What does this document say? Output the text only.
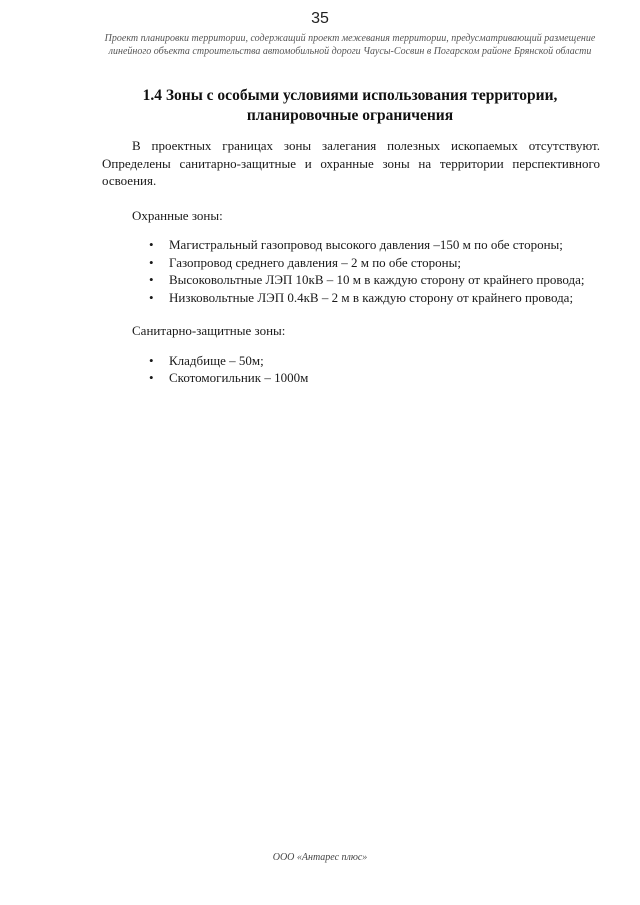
35
Проект планировки территории, содержащий проект межевания территории, предусматривающий размещение линейного объекта строительства автомобильной дороги Чаусы-Сосвин в Погарском районе Брянской области
1.4 Зоны с особыми условиями использования территории, планировочные ограничения

В проектных границах зоны залегания полезных ископаемых отсутствуют. Определены санитарно-защитные и охранные зоны на территории перспективного освоения.

Охранные зоны:

• Магистральный газопровод высокого давления –150 м по обе стороны;
• Газопровод среднего давления – 2 м по обе стороны;
• Высоковольтные ЛЭП 10кВ – 10 м в каждую сторону от крайнего провода;
• Низковольтные ЛЭП 0.4кВ – 2 м в каждую сторону от крайнего провода;

Санитарно-защитные зоны:

• Кладбище – 50м;
• Скотомогильник – 1000м
ООО «Антарес плюс»
